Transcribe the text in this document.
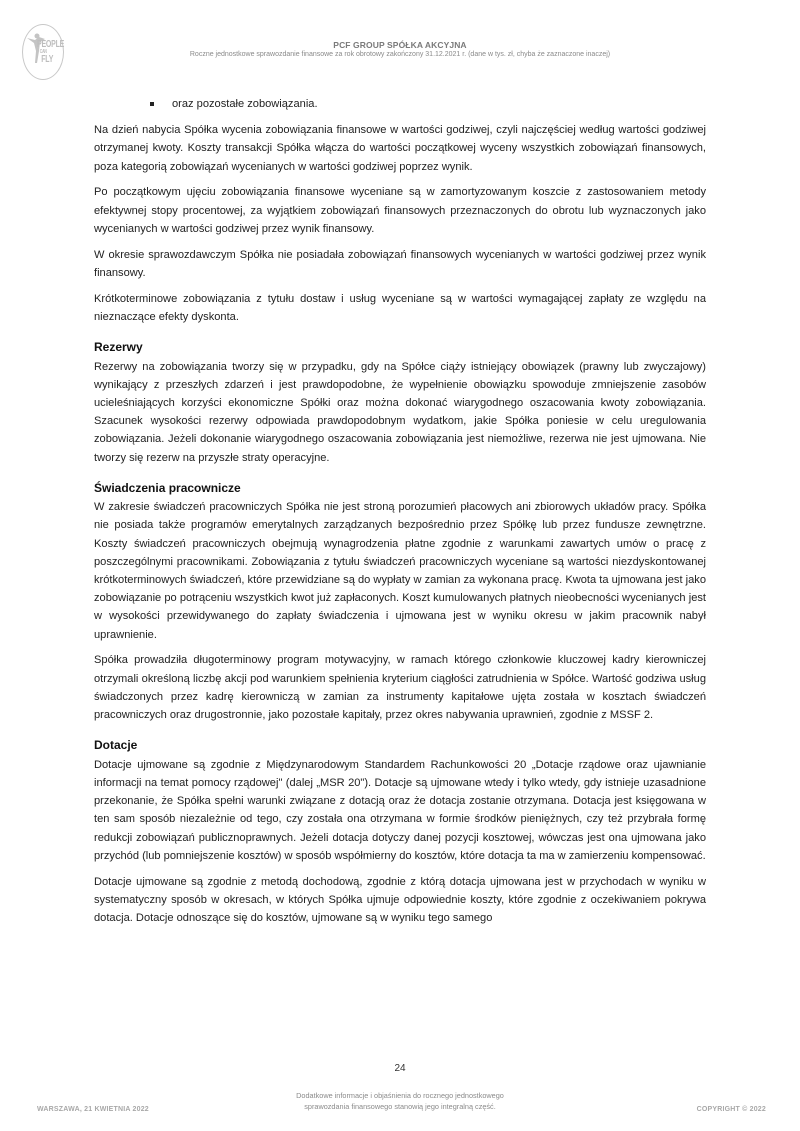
PEOPLE
CAN
FLY
PCF GROUP SPÓŁKA AKCYJNA
Roczne jednostkowe sprawozdanie finansowe za rok obrotowy zakończony 31.12.2021 r. (dane w tys. zł, chyba że zaznaczone inaczej)
oraz pozostałe zobowiązania.

Na dzień nabycia Spółka wycenia zobowiązania finansowe w wartości godziwej, czyli najczęściej według wartości godziwej otrzymanej kwoty. Koszty transakcji Spółka włącza do wartości początkowej wyceny wszystkich zobowiązań finansowych, poza kategorią zobowiązań wycenianych w wartości godziwej poprzez wynik.

Po początkowym ujęciu zobowiązania finansowe wyceniane są w zamortyzowanym koszcie z zastosowaniem metody efektywnej stopy procentowej, za wyjątkiem zobowiązań finansowych przeznaczonych do obrotu lub wyznaczonych jako wycenianych w wartości godziwej przez wynik finansowy.

W okresie sprawozdawczym Spółka nie posiadała zobowiązań finansowych wycenianych w wartości godziwej przez wynik finansowy.

Krótkoterminowe zobowiązania z tytułu dostaw i usług wyceniane są w wartości wymagającej zapłaty ze względu na nieznaczące efekty dyskonta.

Rezerwy

Rezerwy na zobowiązania tworzy się w przypadku, gdy na Spółce ciąży istniejący obowiązek (prawny lub zwyczajowy) wynikający z przeszłych zdarzeń i jest prawdopodobne, że wypełnienie obowiązku spowoduje zmniejszenie zasobów ucieleśniających korzyści ekonomiczne Spółki oraz można dokonać wiarygodnego oszacowania kwoty zobowiązania. Szacunek wysokości rezerwy odpowiada prawdopodobnym wydatkom, jakie Spółka poniesie w celu uregulowania zobowiązania. Jeżeli dokonanie wiarygodnego oszacowania zobowiązania jest niemożliwe, rezerwa nie jest ujmowana. Nie tworzy się rezerw na przyszłe straty operacyjne.

Świadczenia pracownicze

W zakresie świadczeń pracowniczych Spółka nie jest stroną porozumień płacowych ani zbiorowych układów pracy. Spółka nie posiada także programów emerytalnych zarządzanych bezpośrednio przez Spółkę lub przez fundusze zewnętrzne. Koszty świadczeń pracowniczych obejmują wynagrodzenia płatne zgodnie z warunkami zawartych umów o pracę z poszczególnymi pracownikami. Zobowiązania z tytułu świadczeń pracowniczych wyceniane są wartości niezdyskontowanej krótkoterminowych świadczeń, które przewidziane są do wypłaty w zamian za wykonana pracę. Kwota ta ujmowana jest jako zobowiązanie po potrąceniu wszystkich kwot już zapłaconych. Koszt kumulowanych płatnych nieobecności wycenianych jest w wysokości przewidywanego do zapłaty świadczenia i ujmowana jest w wyniku okresu w jakim pracownik nabył uprawnienie.

Spółka prowadziła długoterminowy program motywacyjny, w ramach którego członkowie kluczowej kadry kierowniczej otrzymali określoną liczbę akcji pod warunkiem spełnienia kryterium ciągłości zatrudnienia w Spółce. Wartość godziwa usług świadczonych przez kadrę kierowniczą w zamian za instrumenty kapitałowe ujęta została w kosztach świadczeń pracowniczych oraz drugostronnie, jako pozostałe kapitały, przez okres nabywania uprawnień, zgodnie z MSSF 2.

Dotacje

Dotacje ujmowane są zgodnie z Międzynarodowym Standardem Rachunkowości 20 „Dotacje rządowe oraz ujawnianie informacji na temat pomocy rządowej" (dalej „MSR 20"). Dotacje są ujmowane wtedy i tylko wtedy, gdy istnieje uzasadnione przekonanie, że Spółka spełni warunki związane z dotacją oraz że dotacja zostanie otrzymana. Dotacja jest księgowana w ten sam sposób niezależnie od tego, czy została ona otrzymana w formie środków pieniężnych, czy też przybrała formę redukcji zobowiązań publicznoprawnych. Jeżeli dotacja dotyczy danej pozycji kosztowej, wówczas jest ona ujmowana jako przychód (lub pomniejszenie kosztów) w sposób współmierny do kosztów, które dotacja ta ma w zamierzeniu kompensować.

Dotacje ujmowane są zgodnie z metodą dochodową, zgodnie z którą dotacja ujmowana jest w przychodach w wyniku w systematyczny sposób w okresach, w których Spółka ujmuje odpowiednie koszty, które zgodnie z oczekiwaniem pokrywa dotacja. Dotacje odnoszące się do kosztów, ujmowane są w wyniku tego samego

24
WARSZAWA, 21 KWIETNIA 2022
Dodatkowe informacje i objaśnienia do rocznego jednostkowego
sprawozdania finansowego stanowią jego integralną część.	COPYRIGHT © 2022
